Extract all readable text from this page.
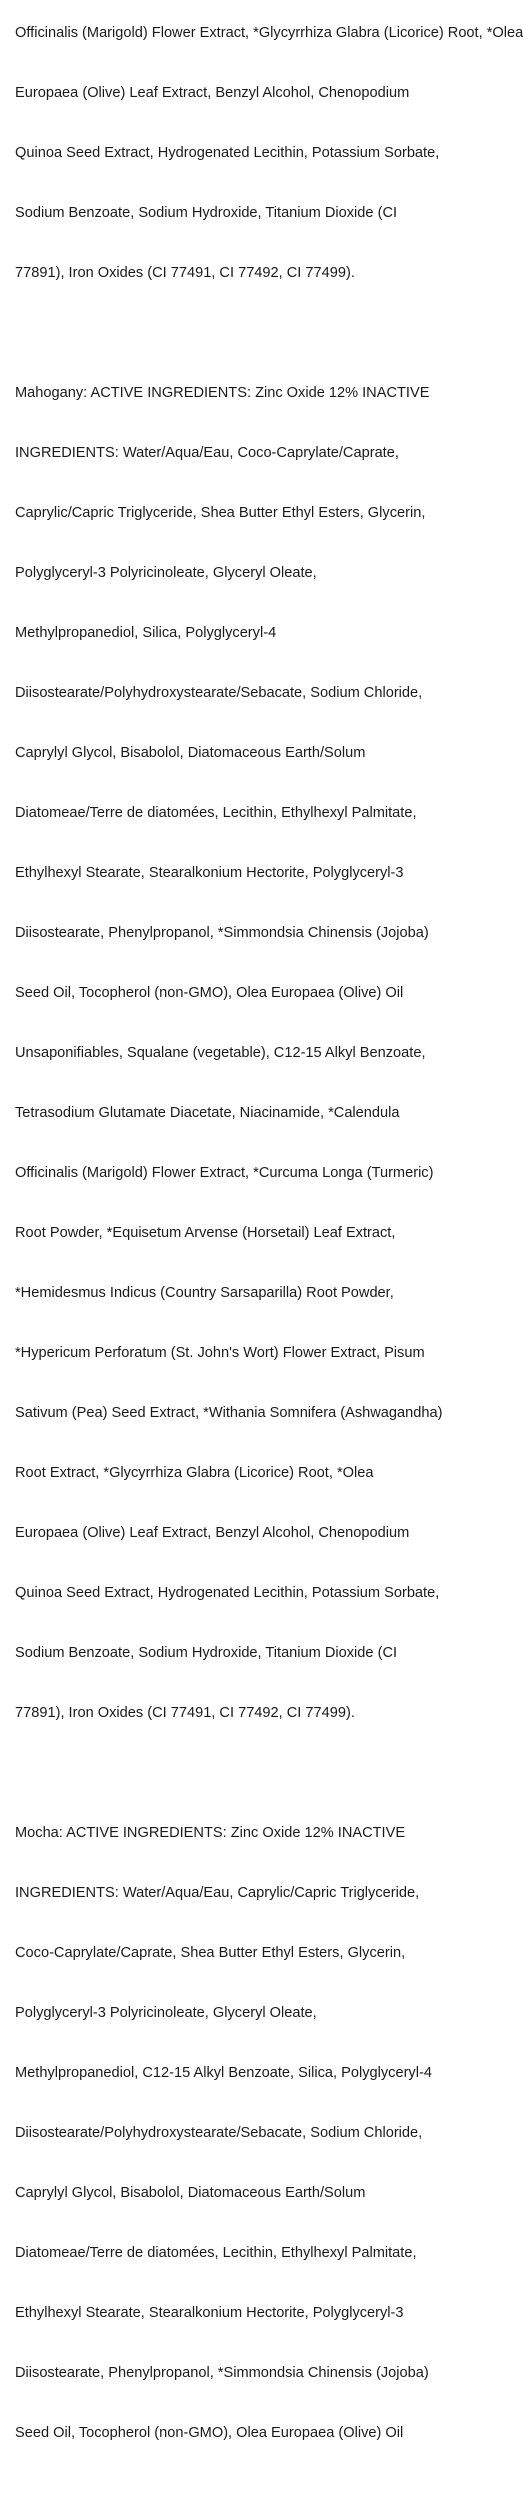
Officinalis (Marigold) Flower Extract, *Glycyrrhiza Glabra (Licorice) Root, *Olea

Europaea (Olive) Leaf Extract, Benzyl Alcohol, Chenopodium

Quinoa Seed Extract, Hydrogenated Lecithin, Potassium Sorbate,

Sodium Benzoate, Sodium Hydroxide, Titanium Dioxide (CI

77891), Iron Oxides (CI 77491, CI 77492, CI 77499).

Mahogany: ACTIVE INGREDIENTS: Zinc Oxide 12% INACTIVE

INGREDIENTS: Water/Aqua/Eau, Coco-Caprylate/Caprate,

Caprylic/Capric Triglyceride, Shea Butter Ethyl Esters, Glycerin,

Polyglyceryl-3 Polyricinoleate, Glyceryl Oleate,

Methylpropanediol, Silica, Polyglyceryl-4

Diisostearate/Polyhydroxystearate/Sebacate, Sodium Chloride,

Caprylyl Glycol, Bisabolol, Diatomaceous Earth/Solum

Diatomeae/Terre de diatomées, Lecithin, Ethylhexyl Palmitate,

Ethylhexyl Stearate, Stearalkonium Hectorite, Polyglyceryl-3

Diisostearate, Phenylpropanol, *Simmondsia Chinensis (Jojoba)

Seed Oil, Tocopherol (non-GMO), Olea Europaea (Olive) Oil

Unsaponifiables, Squalane (vegetable), C12-15 Alkyl Benzoate,

Tetrasodium Glutamate Diacetate, Niacinamide, *Calendula

Officinalis (Marigold) Flower Extract, *Curcuma Longa (Turmeric)

Root Powder, *Equisetum Arvense (Horsetail) Leaf Extract,

*Hemidesmus Indicus (Country Sarsaparilla) Root Powder,

*Hypericum Perforatum (St. John's Wort) Flower Extract, Pisum

Sativum (Pea) Seed Extract, *Withania Somnifera (Ashwagandha)

Root Extract, *Glycyrrhiza Glabra (Licorice) Root, *Olea

Europaea (Olive) Leaf Extract, Benzyl Alcohol, Chenopodium

Quinoa Seed Extract, Hydrogenated Lecithin, Potassium Sorbate,

Sodium Benzoate, Sodium Hydroxide, Titanium Dioxide (CI

77891), Iron Oxides (CI 77491, CI 77492, CI 77499).

Mocha: ACTIVE INGREDIENTS: Zinc Oxide 12% INACTIVE

INGREDIENTS: Water/Aqua/Eau, Caprylic/Capric Triglyceride,

Coco-Caprylate/Caprate, Shea Butter Ethyl Esters, Glycerin,

Polyglyceryl-3 Polyricinoleate, Glyceryl Oleate,

Methylpropanediol, C12-15 Alkyl Benzoate, Silica, Polyglyceryl-4

Diisostearate/Polyhydroxystearate/Sebacate, Sodium Chloride,

Caprylyl Glycol, Bisabolol, Diatomaceous Earth/Solum

Diatomeae/Terre de diatomées, Lecithin, Ethylhexyl Palmitate,

Ethylhexyl Stearate, Stearalkonium Hectorite, Polyglyceryl-3

Diisostearate, Phenylpropanol, *Simmondsia Chinensis (Jojoba)

Seed Oil, Tocopherol (non-GMO), Olea Europaea (Olive) Oil
